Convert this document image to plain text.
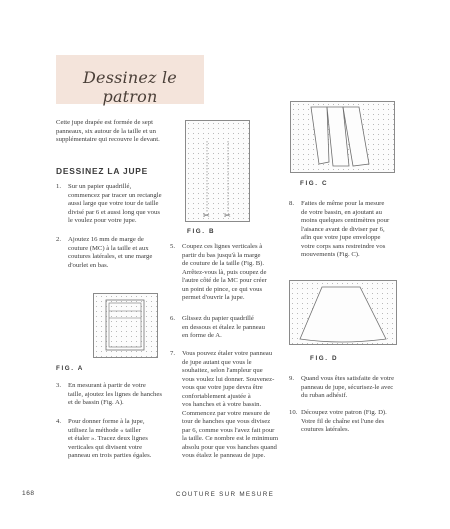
Dessinez le patron
Cette jupe drapée est formée de sept panneaux, six autour de la taille et un supplémentaire qui recouvre le devant.
DESSINEZ LA JUPE
1. Sur un papier quadrillé,
commencez par tracer un rectangle
aussi large que votre tour de taille
divisé par 6 et aussi long que vous
le voulez pour votre jupe.
2. Ajoutez 16 mm de marge de
couture (MC) à la taille et aux
coutures latérales, et une marge
d'ourlet en bas.
FIG. A
3. En mesurant à partir de votre
taille, ajoutez les lignes de hanches
et de bassin (Fig. A).
4. Pour donner forme à la jupe,
utilisez la méthode « tailler
et étaler ». Tracez deux lignes
verticales qui divisent votre
panneau en trois parties égales.
✂ ✂
FIG. B
5. Coupez ces lignes verticales à
partir du bas jusqu'à la marge
de couture de la taille (Fig. B).
Arrêtez-vous là, puis coupez de
l'autre côté de la MC pour créer
un point de pince, ce qui vous
permet d'ouvrir la jupe.
6. Glissez du papier quadrillé
en dessous et étalez le panneau
en forme de A.
7. Vous pouvez étaler votre panneau
de jupe autant que vous le
souhaitez, selon l'ampleur que
vous voulez lui donner. Souvenez-
vous que votre jupe devra être
confortablement ajustée à
vos hanches et à votre bassin.
Commencez par votre mesure de
tour de hanches que vous divisez
par 6, comme vous l'avez fait pour
la taille. Ce nombre est le minimum
absolu pour que vos hanches quand
vous étalez le panneau de jupe.
FIG. C
8. Faites de même pour la mesure
de votre bassin, en ajoutant au
moins quelques centimètres pour
l'aisance avant de diviser par 6,
afin que votre jupe enveloppe
votre corps sans restreindre vos
mouvements (Fig. C).
FIG. D
9. Quand vous êtes satisfaite de votre
panneau de jupe, sécurisez-le avec
du ruban adhésif.
10. Découpez votre patron (Fig. D).
Votre fil de chaîne est l'une des
coutures latérales.
168	COUTURE SUR MESURE
